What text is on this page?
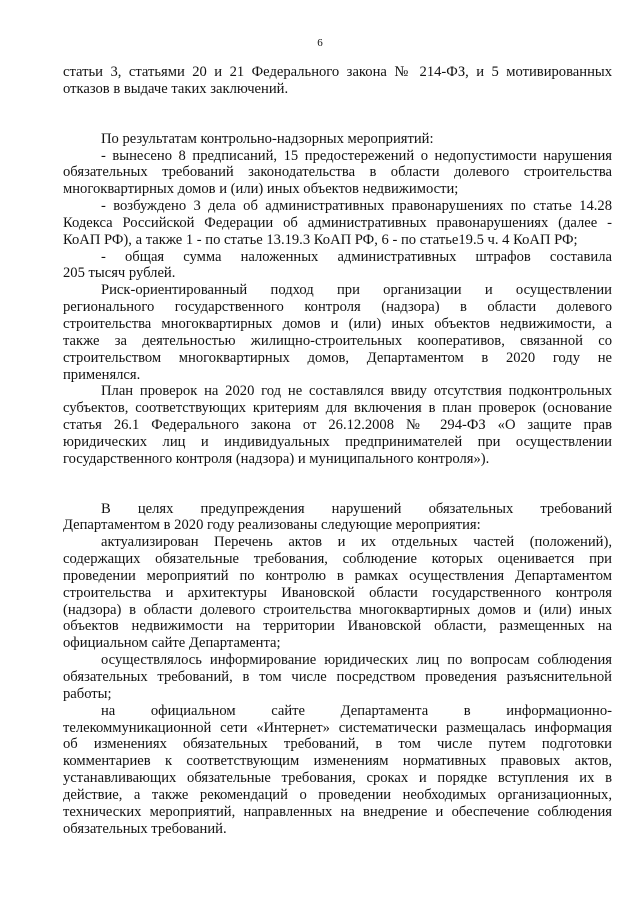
6
статьи 3, статьями 20 и 21 Федерального закона № 214-ФЗ, и 5 мотивированных
отказов в выдаче таких заключений.
По результатам контрольно-надзорных мероприятий:
- вынесено 8 предписаний, 15 предостережений о недопустимости нарушения
обязательных требований законодательства в области долевого строительства
многоквартирных домов и (или) иных объектов недвижимости;
- возбуждено 3 дела об административных правонарушениях по статье 14.28
Кодекса Российской Федерации об административных правонарушениях (далее -
КоАП РФ), а также 1 - по статье 13.19.3 КоАП РФ, 6 - по статье19.5 ч. 4 КоАП РФ;
- общая сумма наложенных административных штрафов составила
205 тысяч рублей.
Риск-ориентированный подход при организации и осуществлении
регионального государственного контроля (надзора) в области долевого
строительства многоквартирных домов и (или) иных объектов недвижимости, а
также за деятельностью жилищно-строительных кооперативов, связанной со
строительством многоквартирных домов, Департаментом в 2020 году не
применялся.
План проверок на 2020 год не составлялся ввиду отсутствия подконтрольных
субъектов, соответствующих критериям для включения в план проверок (основание
статья 26.1 Федерального закона от 26.12.2008 № 294-ФЗ «О защите прав
юридических лиц и индивидуальных предпринимателей при осуществлении
государственного контроля (надзора) и муниципального контроля»).
В целях предупреждения нарушений обязательных требований
Департаментом в 2020 году реализованы следующие мероприятия:
актуализирован Перечень актов и их отдельных частей (положений),
содержащих обязательные требования, соблюдение которых оценивается при
проведении мероприятий по контролю в рамках осуществления Департаментом
строительства и архитектуры Ивановской области государственного контроля
(надзора) в области долевого строительства многоквартирных домов и (или) иных
объектов недвижимости на территории Ивановской области, размещенных на
официальном сайте Департамента;
осуществлялось информирование юридических лиц по вопросам соблюдения
обязательных требований, в том числе посредством проведения разъяснительной
работы;
на официальном сайте Департамента в информационно-
телекоммуникационной сети «Интернет» систематически размещалась информация
об изменениях обязательных требований, в том числе путем подготовки
комментариев к соответствующим изменениям нормативных правовых актов,
устанавливающих обязательные требования, сроках и порядке вступления их в
действие, а также рекомендаций о проведении необходимых организационных,
технических мероприятий, направленных на внедрение и обеспечение соблюдения
обязательных требований.
